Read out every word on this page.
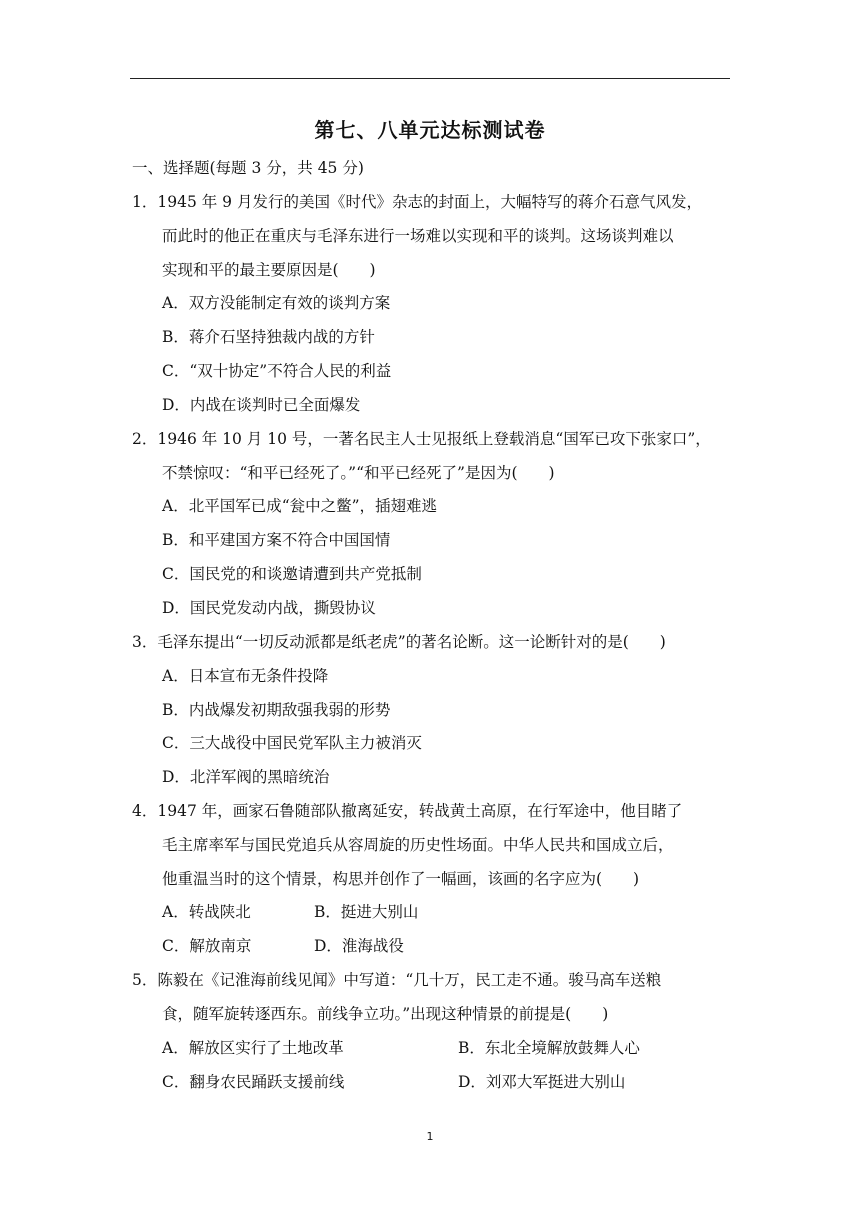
第七、八单元达标测试卷
一、选择题(每题 3 分，共 45 分)
1．1945 年 9 月发行的美国《时代》杂志的封面上，大幅特写的蒋介石意气风发，
而此时的他正在重庆与毛泽东进行一场难以实现和平的谈判。这场谈判难以
实现和平的最主要原因是(　　)
A．双方没能制定有效的谈判方案
B．蒋介石坚持独裁内战的方针
C．“双十协定”不符合人民的利益
D．内战在谈判时已全面爆发
2．1946 年 10 月 10 号，一著名民主人士见报纸上登载消息“国军已攻下张家口”，
不禁惊叹：“和平已经死了。”“和平已经死了”是因为(　　)
A．北平国军已成“瓮中之鳖”，插翅难逃
B．和平建国方案不符合中国国情
C．国民党的和谈邀请遭到共产党抵制
D．国民党发动内战，撕毁协议
3．毛泽东提出“一切反动派都是纸老虎”的著名论断。这一论断针对的是(　　)
A．日本宣布无条件投降
B．内战爆发初期敌强我弱的形势
C．三大战役中国民党军队主力被消灭
D．北洋军阀的黑暗统治
4．1947 年，画家石鲁随部队撤离延安，转战黄土高原，在行军途中，他目睹了
毛主席率军与国民党追兵从容周旋的历史性场面。中华人民共和国成立后，
他重温当时的这个情景，构思并创作了一幅画，该画的名字应为(　　)
A．转战陕北	B．挺进大别山
C．解放南京	D．淮海战役
5．陈毅在《记淮海前线见闻》中写道：“几十万，民工走不通。骏马高车送粮
食，随军旋转逐西东。前线争立功。”出现这种情景的前提是(　　)
A．解放区实行了土地改革	B．东北全境解放鼓舞人心
C．翻身农民踊跃支援前线	D．刘邓大军挺进大别山
1
